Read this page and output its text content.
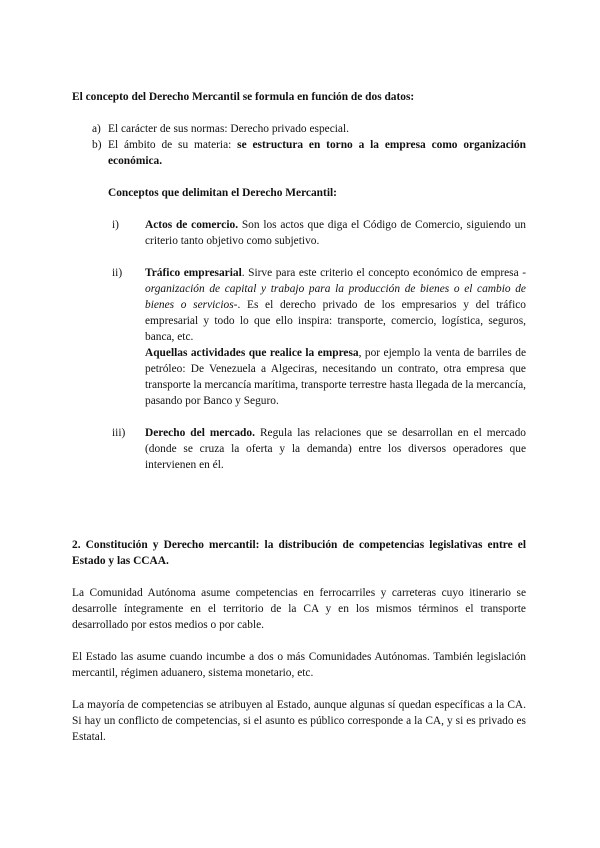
El concepto del Derecho Mercantil se formula en función de dos datos:
a) El carácter de sus normas: Derecho privado especial.
b) El ámbito de su materia: se estructura en torno a la empresa como organización económica.
Conceptos que delimitan el Derecho Mercantil:
i) Actos de comercio. Son los actos que diga el Código de Comercio, siguiendo un criterio tanto objetivo como subjetivo.
ii) Tráfico empresarial. Sirve para este criterio el concepto económico de empresa -organización de capital y trabajo para la producción de bienes o el cambio de bienes o servicios-. Es el derecho privado de los empresarios y del tráfico empresarial y todo lo que ello inspira: transporte, comercio, logística, seguros, banca, etc.
Aquellas actividades que realice la empresa, por ejemplo la venta de barriles de petróleo: De Venezuela a Algeciras, necesitando un contrato, otra empresa que transporte la mercancía marítima, transporte terrestre hasta llegada de la mercancía, pasando por Banco y Seguro.
iii) Derecho del mercado. Regula las relaciones que se desarrollan en el mercado (donde se cruza la oferta y la demanda) entre los diversos operadores que intervienen en él.
2. Constitución y Derecho mercantil: la distribución de competencias legislativas entre el Estado y las CCAA.
La Comunidad Autónoma asume competencias en ferrocarriles y carreteras cuyo itinerario se desarrolle íntegramente en el territorio de la CA y en los mismos términos el transporte desarrollado por estos medios o por cable.
El Estado las asume cuando incumbe a dos o más Comunidades Autónomas. También legislación mercantil, régimen aduanero, sistema monetario, etc.
La mayoría de competencias se atribuyen al Estado, aunque algunas sí quedan específicas a la CA. Si hay un conflicto de competencias, si el asunto es público corresponde a la CA, y si es privado es Estatal.
